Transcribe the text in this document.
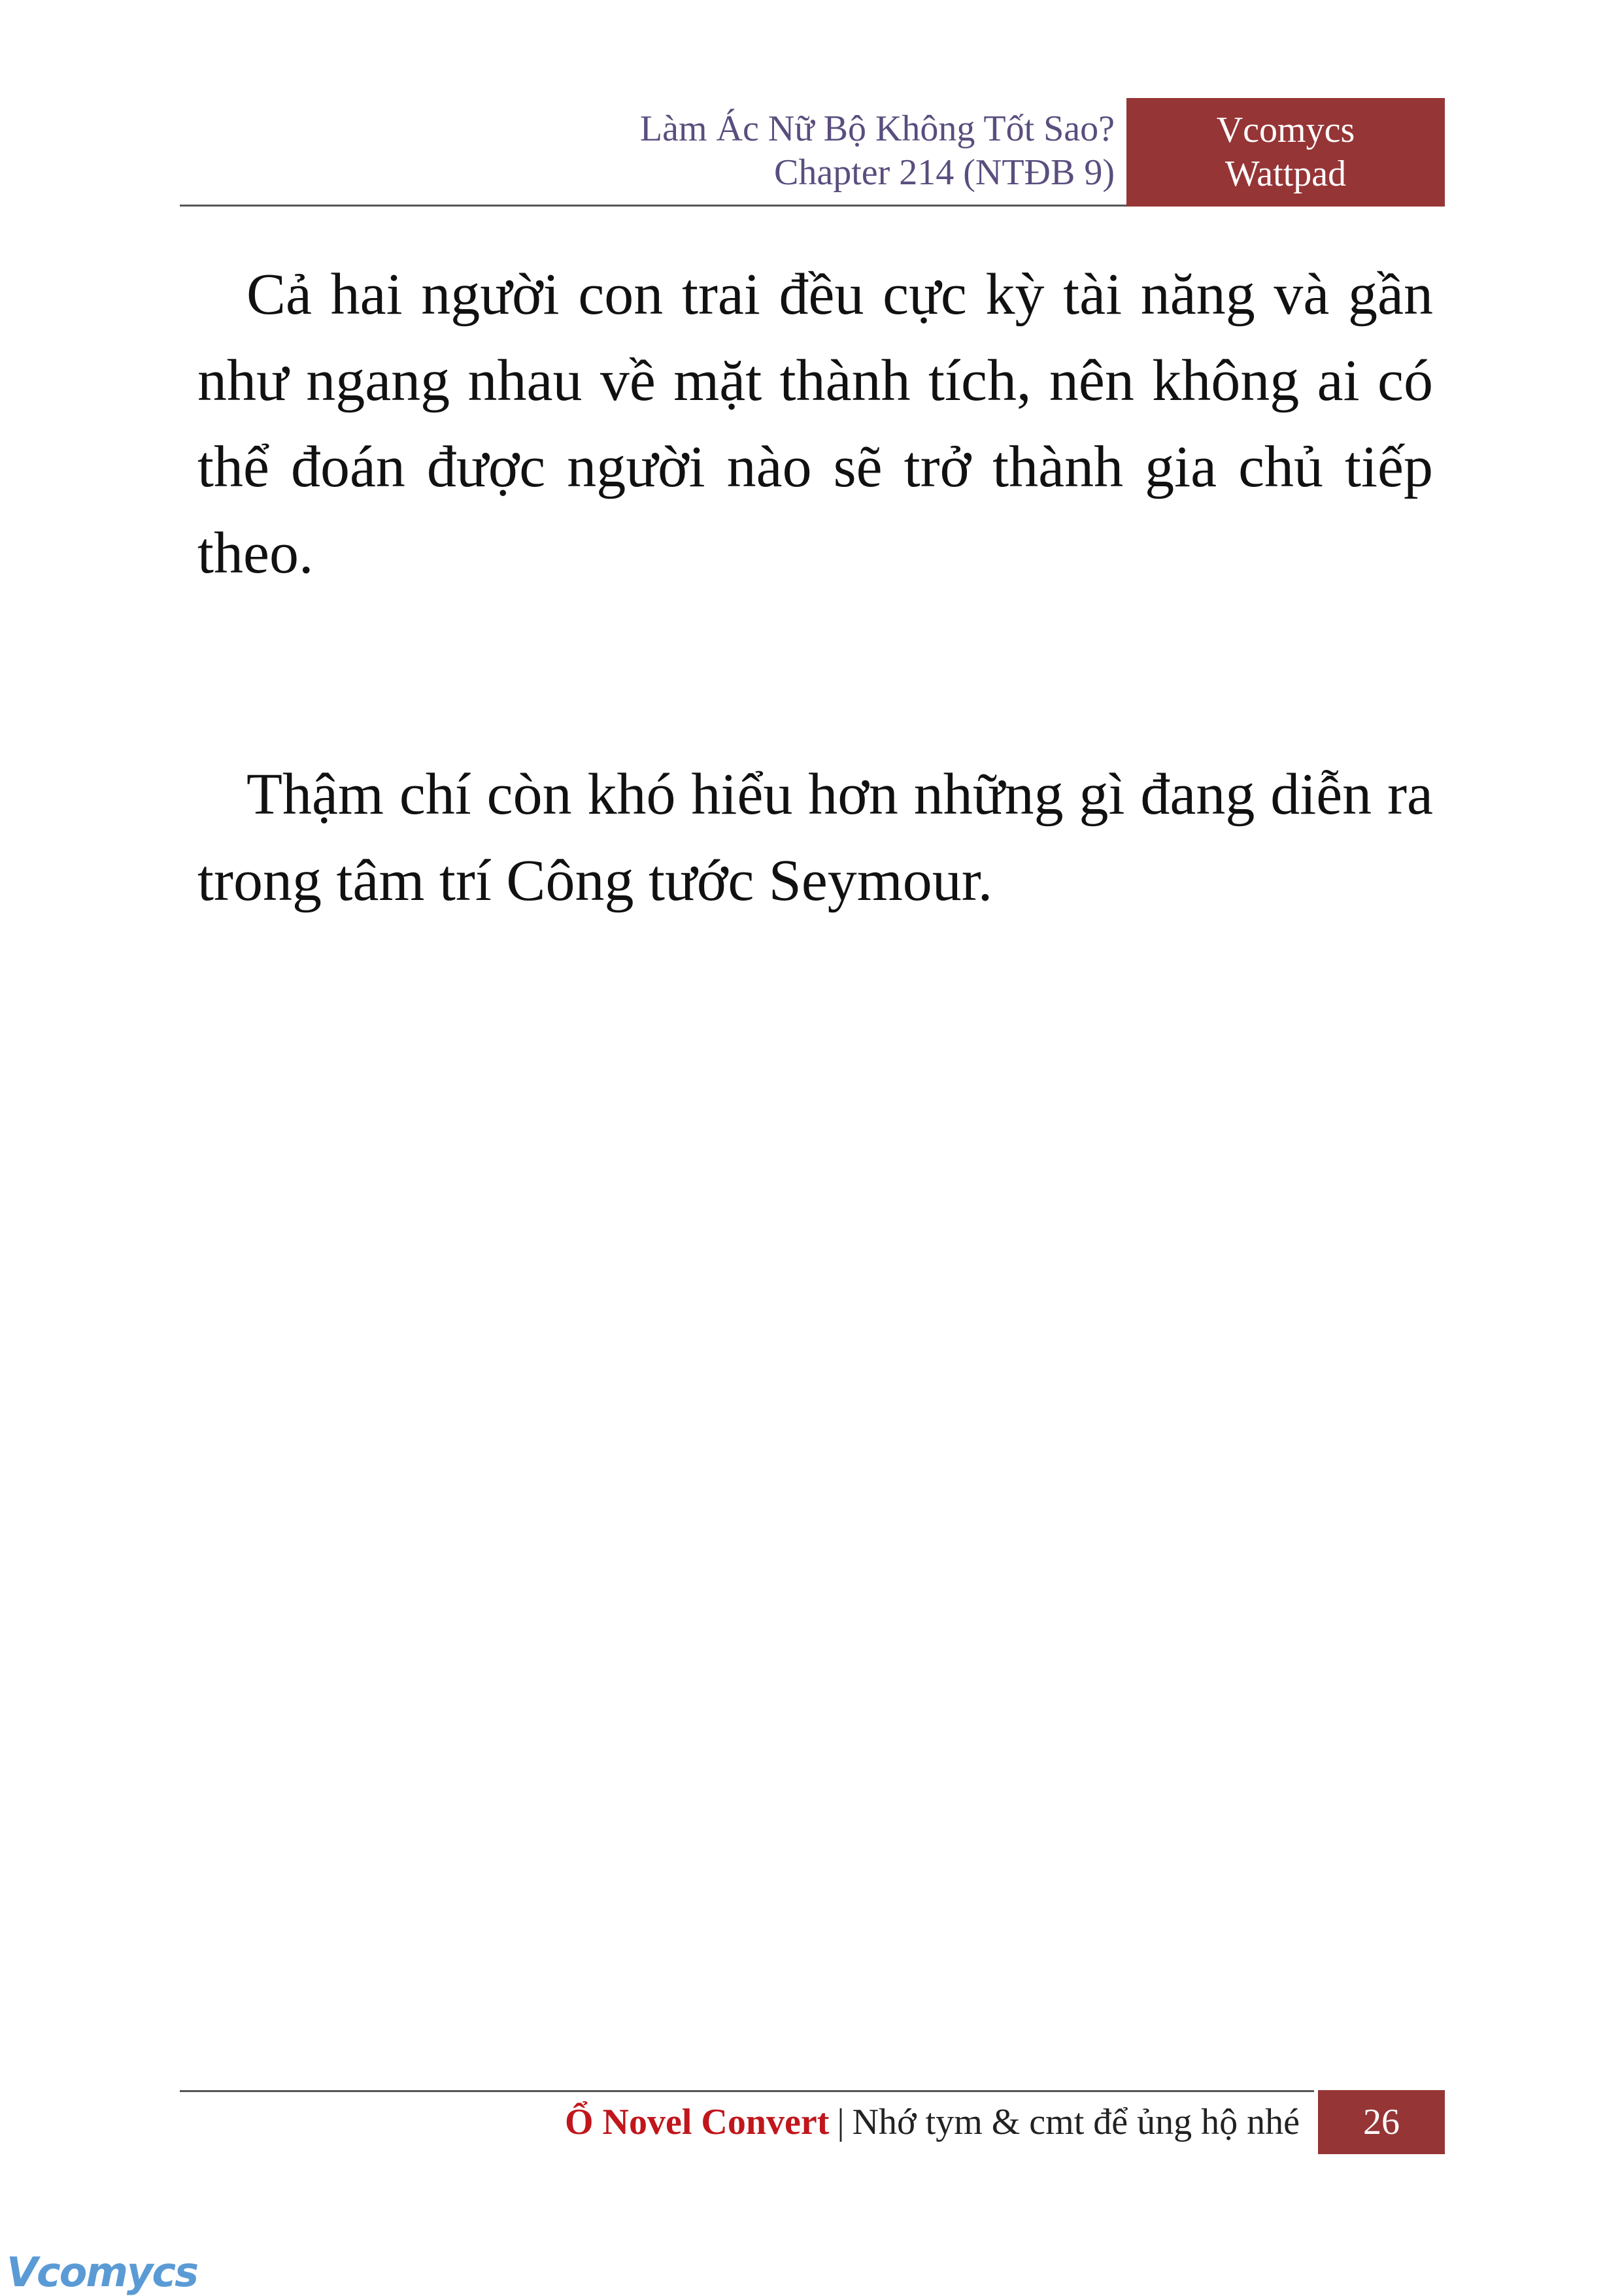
Làm Ác Nữ Bộ Không Tốt Sao?
Chapter 214 (NTĐB 9)
Vcomycs
Wattpad

Cả hai người con trai đều cực kỳ tài năng và gần như ngang nhau về mặt thành tích, nên không ai có thể đoán được người nào sẽ trở thành gia chủ tiếp theo.

Thậm chí còn khó hiểu hơn những gì đang diễn ra trong tâm trí Công tước Seymour.

Ổ Novel Convert | Nhớ tym & cmt để ủng hộ nhé	26
Vcomycs
